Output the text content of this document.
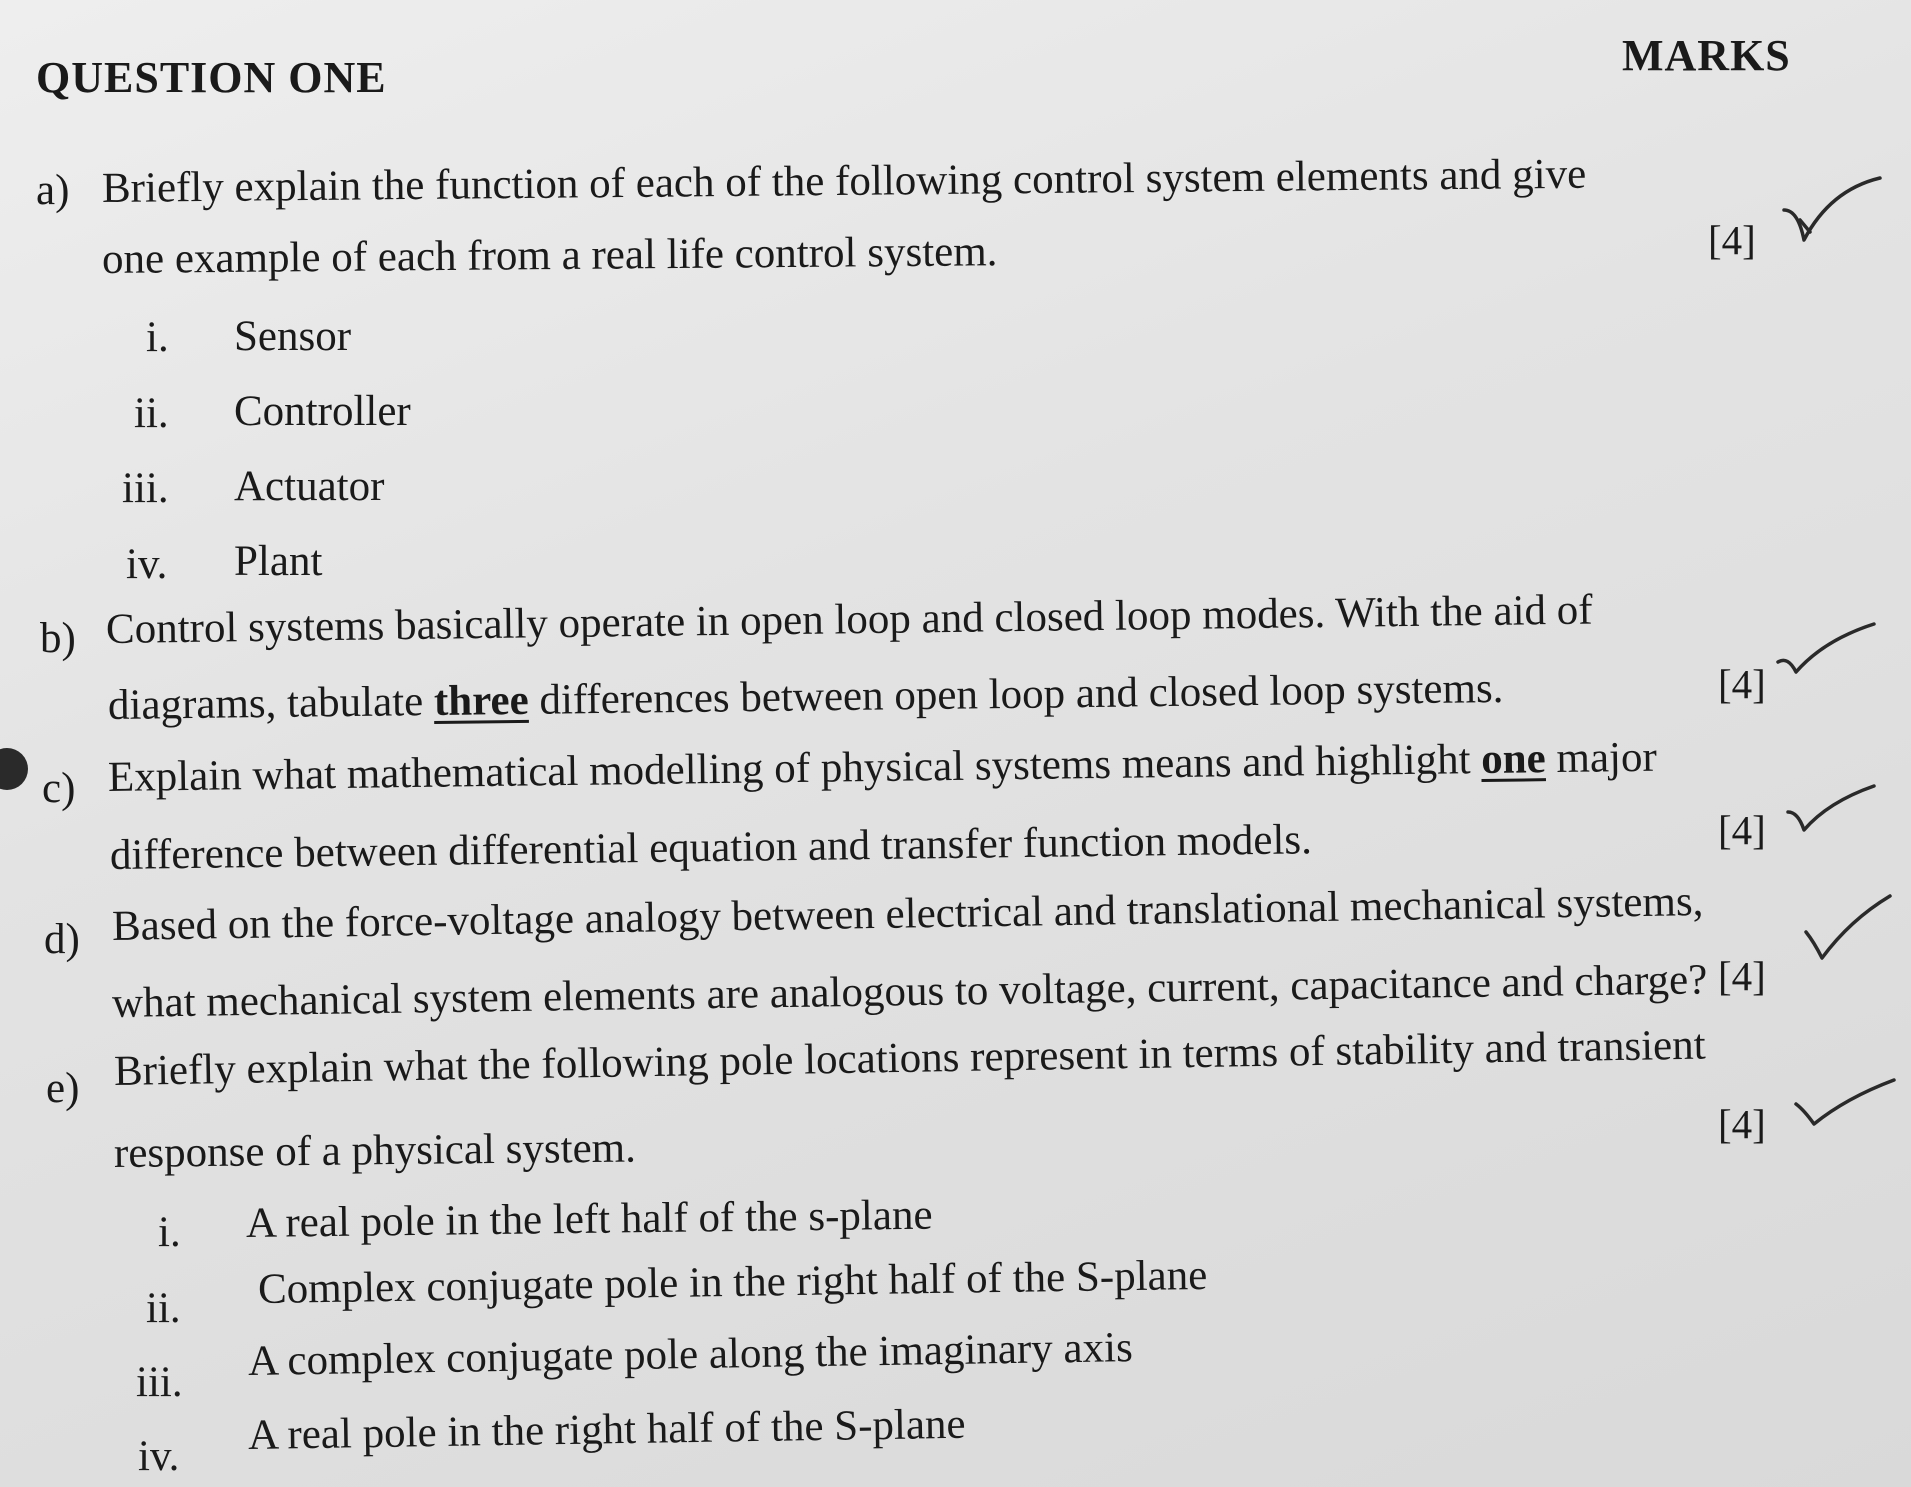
QUESTION ONE	MARKS
a) Briefly explain the function of each of the following control system elements and give
one example of each from a real life control system.	[4]
i. Sensor
ii. Controller
iii. Actuator
iv. Plant
b) Control systems basically operate in open loop and closed loop modes. With the aid of
diagrams, tabulate three differences between open loop and closed loop systems.	[4]
c) Explain what mathematical modelling of physical systems means and highlight one major
difference between differential equation and transfer function models.	[4]
d) Based on the force-voltage analogy between electrical and translational mechanical systems,
what mechanical system elements are analogous to voltage, current, capacitance and charge? [4]
e) Briefly explain what the following pole locations represent in terms of stability and transient
response of a physical system.
[4]
i. A real pole in the left half of the s-plane
ii. Complex conjugate pole in the right half of the S-plane
iii. A complex conjugate pole along the imaginary axis
iv. A real pole in the right half of the S-plane
